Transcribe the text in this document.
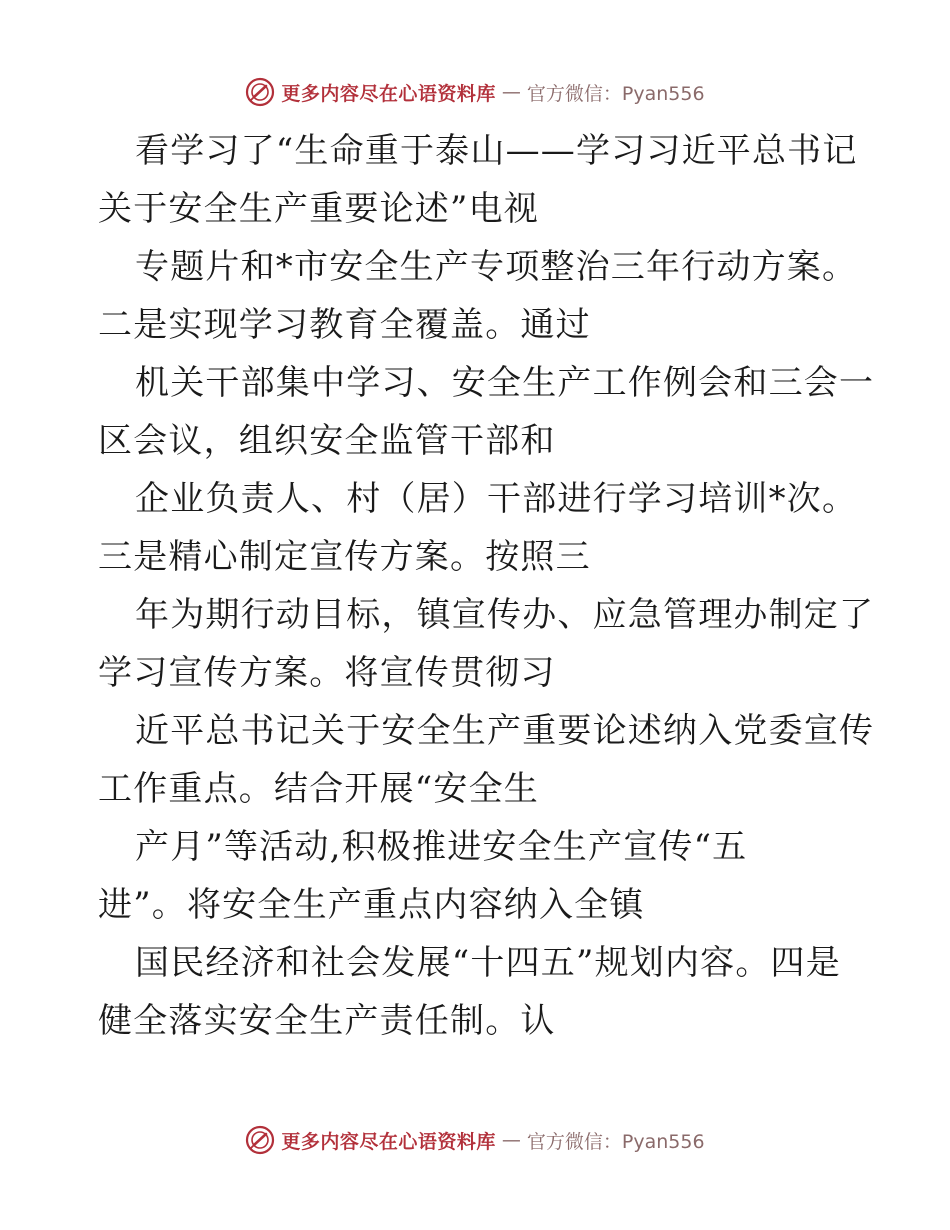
更多内容尽在心语资料库 — 官方微信：Pyan556
看学习了“生命重于泰山——学习习近平总书记
关于安全生产重要论述”电视
专题片和*市安全生产专项整治三年行动方案。
二是实现学习教育全覆盖。通过
机关干部集中学习、安全生产工作例会和三会一
区会议，组织安全监管干部和
企业负责人、村（居）干部进行学习培训*次。
三是精心制定宣传方案。按照三
年为期行动目标，镇宣传办、应急管理办制定了
学习宣传方案。将宣传贯彻习
近平总书记关于安全生产重要论述纳入党委宣传
工作重点。结合开展“安全生
产月”等活动,积极推进安全生产宣传“五
进”。将安全生产重点内容纳入全镇
国民经济和社会发展“十四五”规划内容。四是
健全落实安全生产责任制。认
更多内容尽在心语资料库 — 官方微信：Pyan556
